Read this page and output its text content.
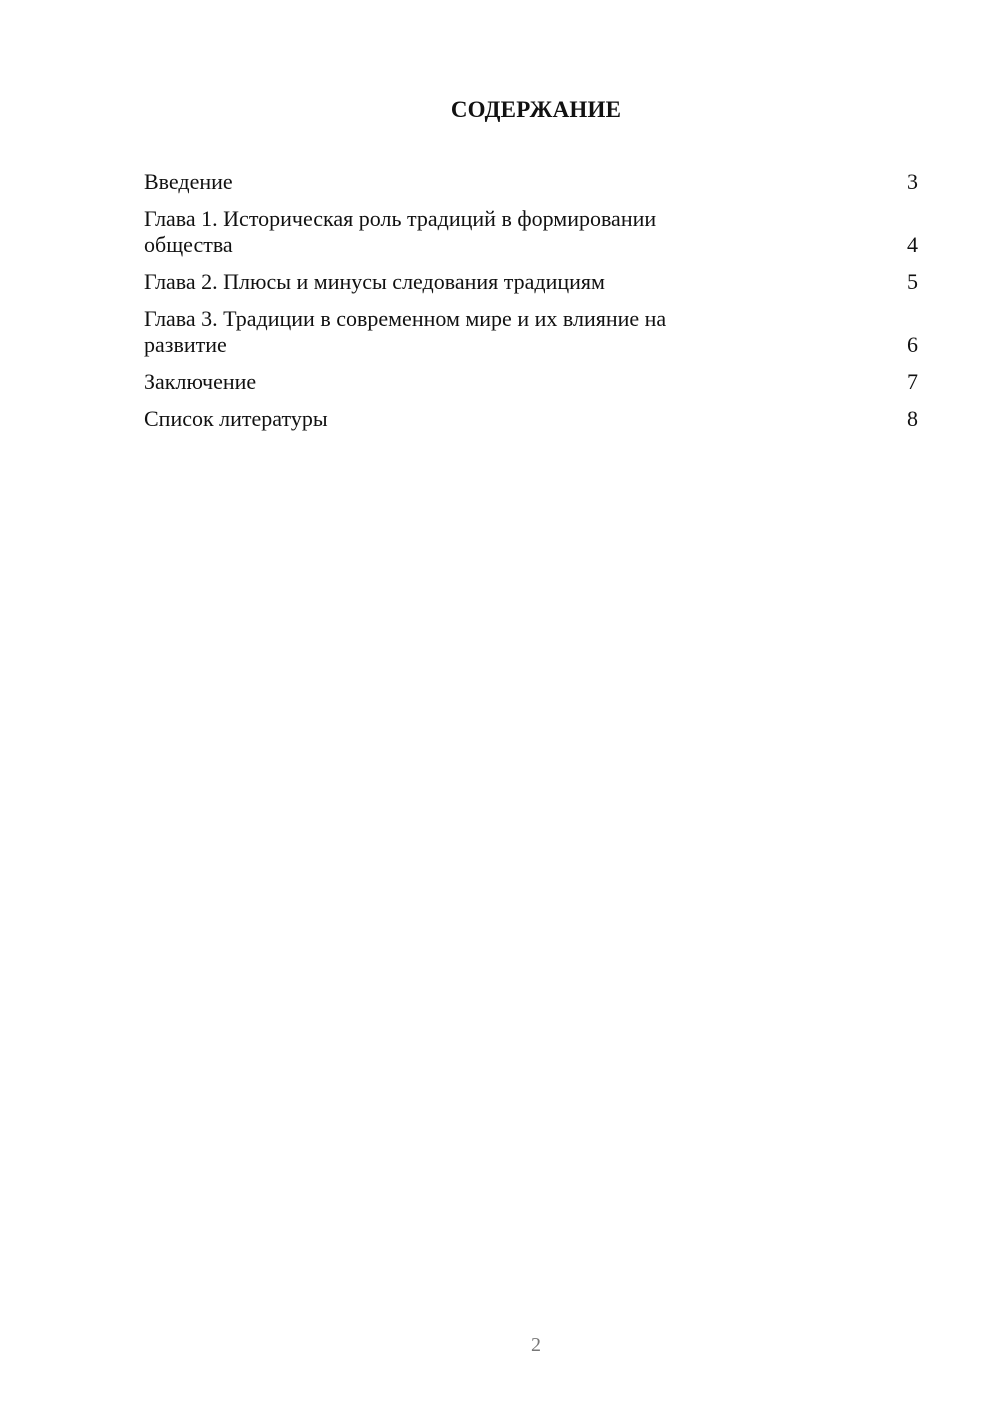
СОДЕРЖАНИЕ
Введение	3
Глава 1. Историческая роль традиций в формировании
общества	4
Глава 2. Плюсы и минусы следования традициям	5
Глава 3. Традиции в современном мире и их влияние на
развитие	6
Заключение	7
Список литературы	8
2
